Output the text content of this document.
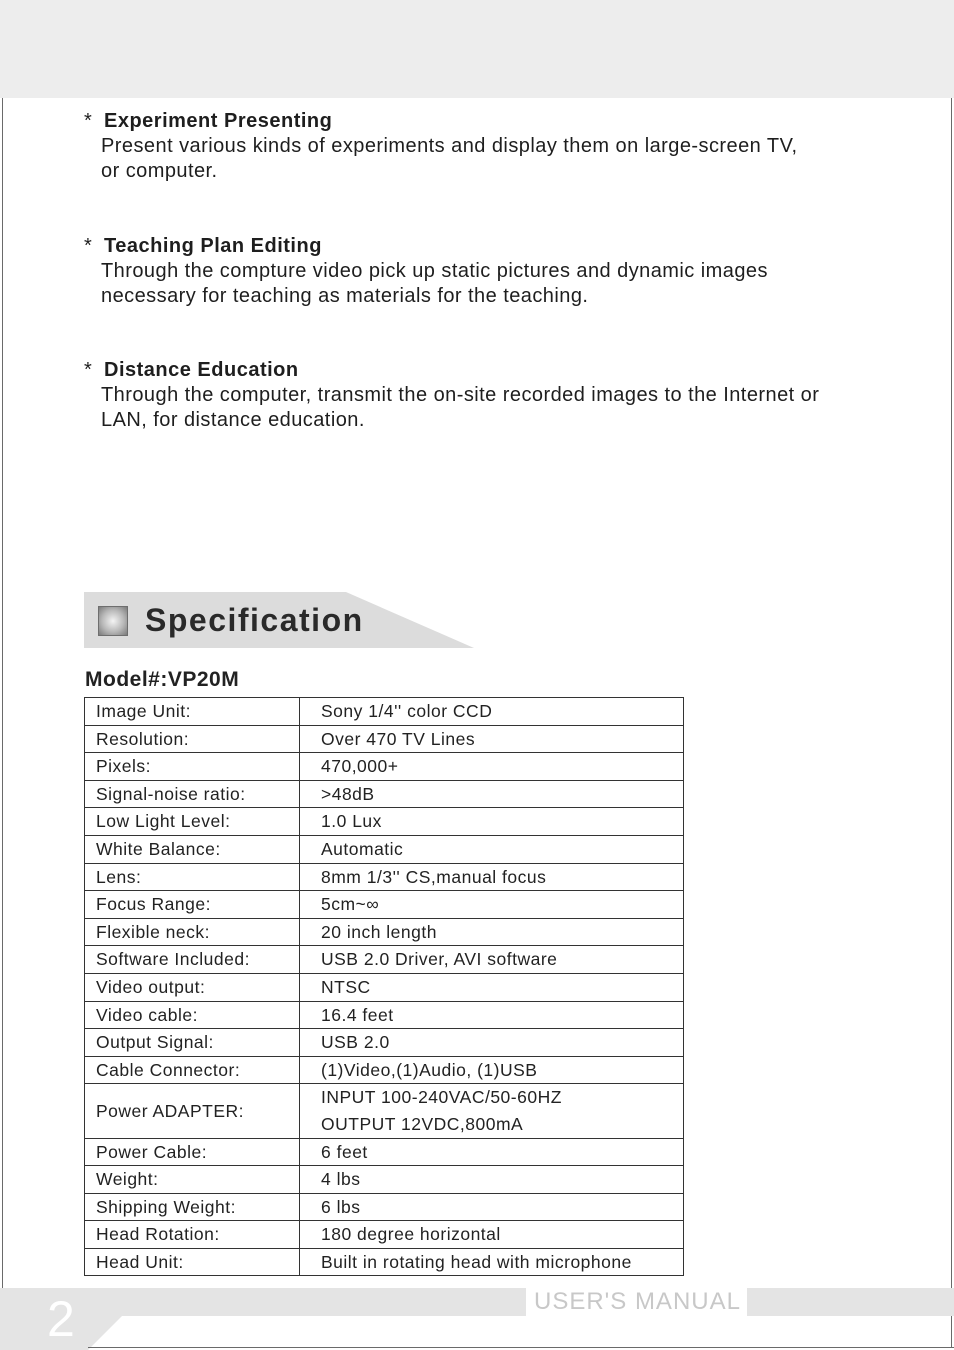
* Experiment Presenting
Present various kinds of experiments and display them on large-screen TV,
or computer.
* Teaching Plan Editing
Through the compture video pick up static pictures and dynamic images
necessary for teaching as materials for the teaching.
* Distance Education
Through the computer, transmit the on-site recorded images to the Internet or
LAN, for distance education.
Specification
Model#:VP20M
Image Unit:	Sony 1/4'' color CCD
Resolution:	Over 470 TV Lines
Pixels:	470,000+
Signal-noise ratio:	>48dB
Low Light Level:	1.0 Lux
White Balance:	Automatic
Lens:	8mm 1/3'' CS,manual focus
Focus Range:	5cm~∞
Flexible neck:	20 inch length
Software Included:	USB 2.0 Driver, AVI software
Video output:	NTSC
Video cable:	16.4 feet
Output Signal:	USB 2.0
Cable Connector:	(1)Video,(1)Audio, (1)USB
Power ADAPTER:	INPUT 100-240VAC/50-60HZ
OUTPUT 12VDC,800mA

Power Cable:	6 feet
Weight:	4 lbs
Shipping Weight:	6 lbs
Head Rotation:	180 degree horizontal
Head Unit:	Built in rotating head with microphone
2	USER'S MANUAL
